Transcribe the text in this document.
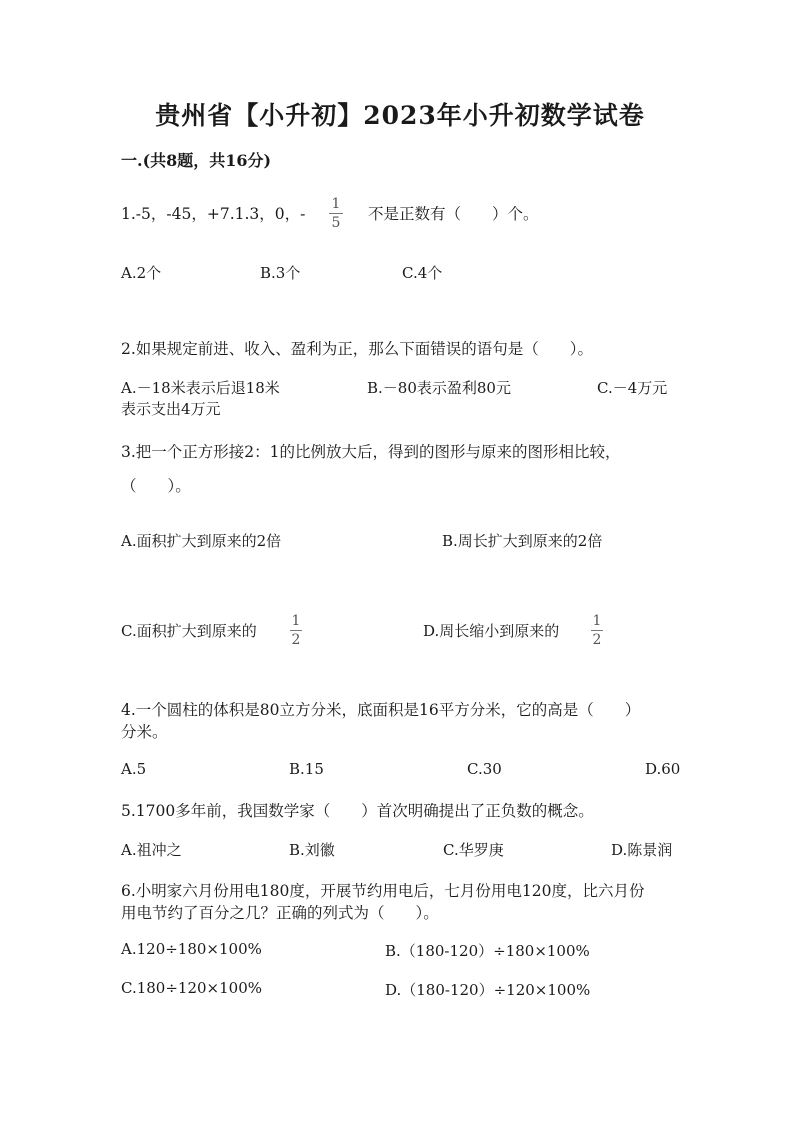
贵州省【小升初】2023年小升初数学试卷
一.(共8题，共16分)
1.-5，-45，+7.1.3，0，-
1
5 不是正数有（　　）个。
A.2个	B.3个	C.4个
2.如果规定前进、收入、盈利为正，那么下面错误的语句是（　　）。
A.－18米表示后退18米	B.－80表示盈利80元	C.－4万元
表示支出4万元
3.把一个正方形接2：1的比例放大后，得到的图形与原来的图形相比较，
（　　）。
A.面积扩大到原来的2倍	B.周长扩大到原来的2倍
C.面积扩大到原来的
1
2	D.周长缩小到原来的
1
2
4.一个圆柱的体积是80立方分米，底面积是16平方分米，它的高是（　　）
分米。
A.5	B.15	C.30	D.60
5.1700多年前，我国数学家（　　）首次明确提出了正负数的概念。
A.祖冲之	B.刘徽	C.华罗庚	D.陈景润
6.小明家六月份用电180度，开展节约用电后，七月份用电120度，比六月份
用电节约了百分之几？正确的列式为（　　）。
A.120÷180×100%	B.（180-120）÷180×100%
C.180÷120×100%	D.（180-120）÷120×100%
